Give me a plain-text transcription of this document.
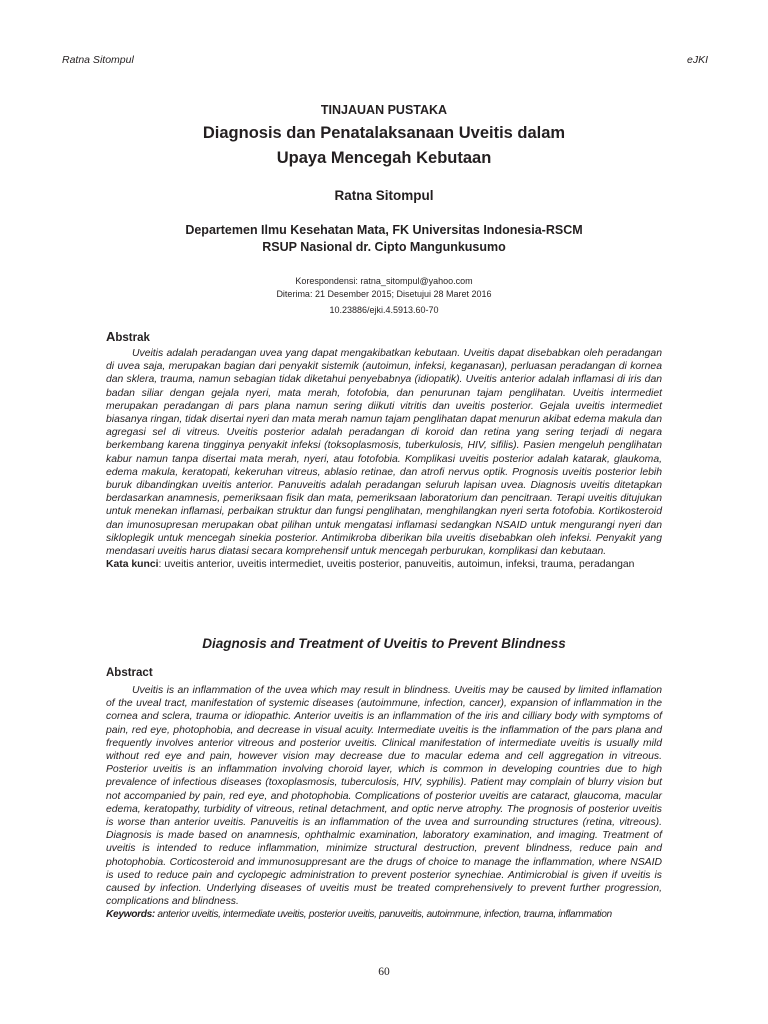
Ratna Sitompul	eJKI
TINJAUAN PUSTAKA
Diagnosis dan Penatalaksanaan Uveitis dalam
Upaya Mencegah Kebutaan
Ratna Sitompul
Departemen Ilmu Kesehatan Mata, FK Universitas Indonesia-RSCM
RSUP Nasional dr. Cipto Mangunkusumo
Korespondensi: ratna_sitompul@yahoo.com
Diterima: 21 Desember 2015; Disetujui 28 Maret 2016
10.23886/ejki.4.5913.60-70
Abstrak

Uveitis adalah peradangan uvea yang dapat mengakibatkan kebutaan. Uveitis dapat disebabkan oleh peradangan di uvea saja, merupakan bagian dari penyakit sistemik (autoimun, infeksi, keganasan), perluasan peradangan di kornea dan sklera, trauma, namun sebagian tidak diketahui penyebabnya (idiopatik). Uveitis anterior adalah inflamasi di iris dan badan siliar dengan gejala nyeri, mata merah, fotofobia, dan penurunan tajam penglihatan. Uveitis intermediet merupakan peradangan di pars plana namun sering diikuti vitritis dan uveitis posterior. Gejala uveitis intermediet biasanya ringan, tidak disertai nyeri dan mata merah namun tajam penglihatan dapat menurun akibat edema makula dan agregasi sel di vitreus. Uveitis posterior adalah peradangan di koroid dan retina yang sering terjadi di negara berkembang karena tingginya penyakit infeksi (toksoplasmosis, tuberkulosis, HIV, sifilis). Pasien mengeluh penglihatan kabur namun tanpa disertai mata merah, nyeri, atau fotofobia. Komplikasi uveitis posterior adalah katarak, glaukoma, edema makula, keratopati, kekeruhan vitreus, ablasio retinae, dan atrofi nervus optik. Prognosis uveitis posterior lebih buruk dibandingkan uveitis anterior. Panuveitis adalah peradangan seluruh lapisan uvea. Diagnosis uveitis ditetapkan berdasarkan anamnesis, pemeriksaan fisik dan mata, pemeriksaan laboratorium dan pencitraan. Terapi uveitis ditujukan untuk menekan inflamasi, perbaikan struktur dan fungsi penglihatan, menghilangkan nyeri serta fotofobia. Kortikosteroid dan imunosupresan merupakan obat pilihan untuk mengatasi inflamasi sedangkan NSAID untuk mengurangi nyeri dan sikloplegik untuk mencegah sinekia posterior. Antimikroba diberikan bila uveitis disebabkan oleh infeksi. Penyakit yang mendasari uveitis harus diatasi secara komprehensif untuk mencegah perburukan, komplikasi dan kebutaan.

Kata kunci: uveitis anterior, uveitis intermediet, uveitis posterior, panuveitis, autoimun, infeksi, trauma, peradangan

Diagnosis and Treatment of Uveitis to Prevent Blindness
Abstract

Uveitis is an inflammation of the uvea which may result in blindness. Uveitis may be caused by limited inflamation of the uveal tract, manifestation of systemic diseases (autoimmune, infection, cancer), expansion of inflammation in the cornea and sclera, trauma or idiopathic. Anterior uveitis is an inflammation of the iris and cilliary body with symptoms of pain, red eye, photophobia, and decrease in visual acuity. Intermediate uveitis is the inflammation of the pars plana and frequently involves anterior vitreous and posterior uveitis. Clinical manifestation of intermediate uveitis is usually mild without red eye and pain, however vision may decrease due to macular edema and cell aggregation in vitreous. Posterior uveitis is an inflammation involving choroid layer, which is common in developing countries due to high prevalence of infectious diseases (toxoplasmosis, tuberculosis, HIV, syphilis). Patient may complain of blurry vision but not accompanied by pain, red eye, and photophobia. Complications of posterior uveitis are cataract, glaucoma, macular edema, keratopathy, turbidity of vitreous, retinal detachment, and optic nerve atrophy. The prognosis of posterior uveitis is worse than anterior uveitis. Panuveitis is an inflammation of the uvea and surrounding structures (retina, vitreous). Diagnosis is made based on anamnesis, ophthalmic examination, laboratory examination, and imaging. Treatment of uveitis is intended to reduce inflammation, minimize structural destruction, prevent blindness, reduce pain and photophobia. Corticosteroid and immunosuppresant are the drugs of choice to manage the inflammation, where NSAID is used to reduce pain and cyclopegic administration to prevent posterior synechiae. Antimicrobial is given if uveitis is caused by infection. Underlying diseases of uveitis must be treated comprehensively to prevent further progression, complications and blindness.

Keywords: anterior uveitis, intermediate uveitis, posterior uveitis, panuveitis, autoimmune, infection, trauma, inflammation

60
